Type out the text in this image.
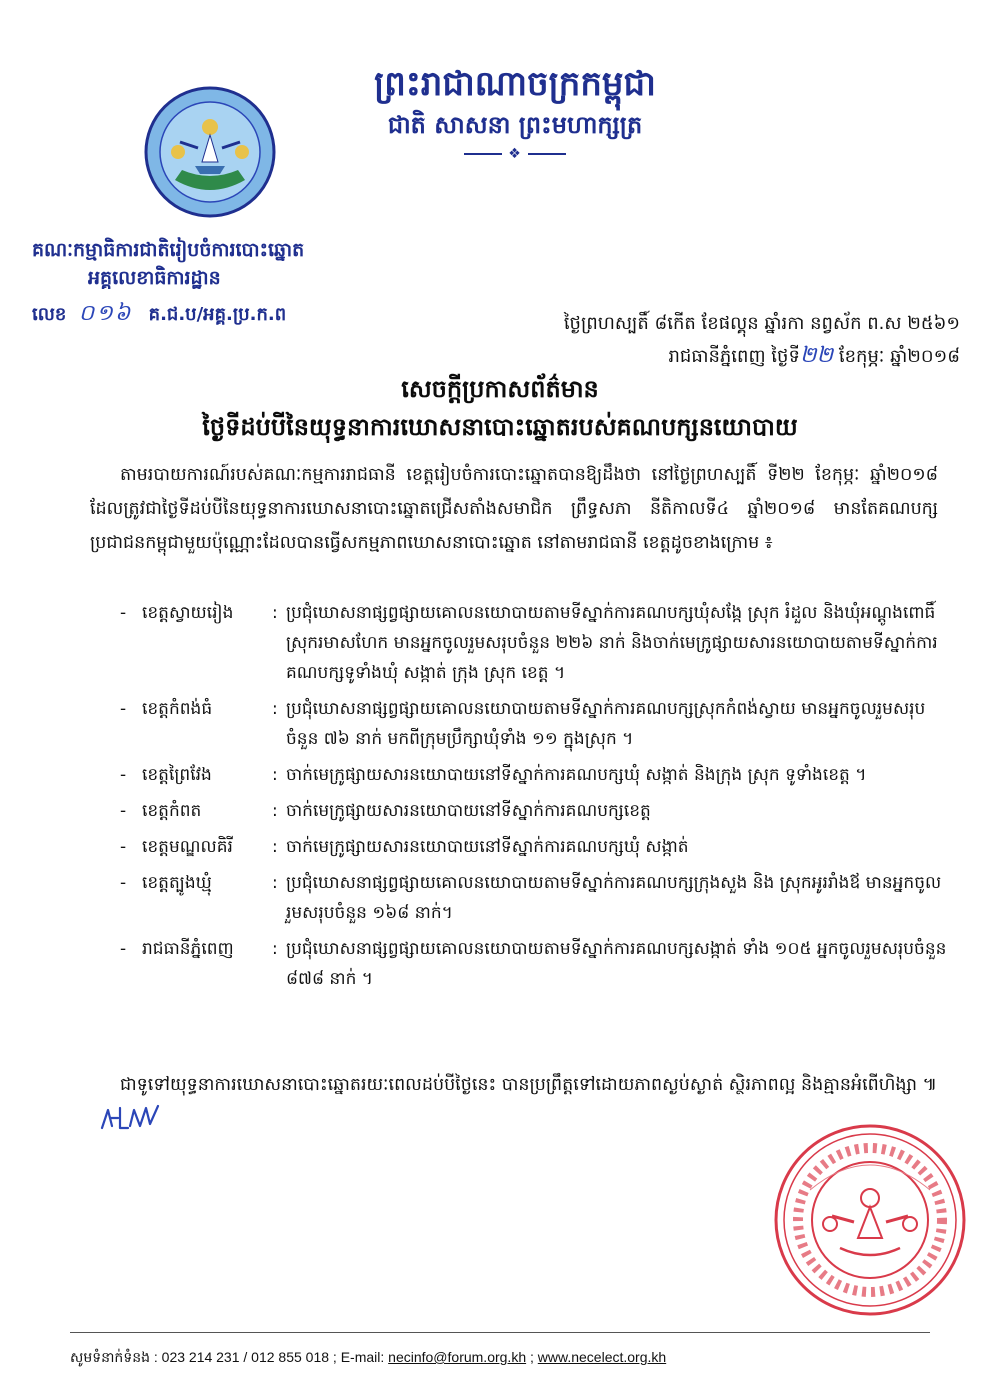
ព្រះរាជាណាចក្រកម្ពុជា
ជាតិ សាសនា ព្រះមហាក្សត្រ
❖
គណៈកម្មាធិការជាតិរៀបចំការបោះឆ្នោត
អគ្គលេខាធិការដ្ឋាន
លេខ ០១៦ គ.ជ.ប/អគ្គ.ប្រ.ក.ព	ថ្ងៃព្រហស្បតិ៍ ៨កើត ខែផល្គុន ឆ្នាំរកា នព្វស័ក ព.ស ២៥៦១
រាជធានីភ្នំពេញ ថ្ងៃទី២២ ខែកុម្ភៈ ឆ្នាំ២០១៨
សេចក្ដីប្រកាសព័ត៌មាន
ថ្ងៃទីដប់បីនៃយុទ្ធនាការឃោសនាបោះឆ្នោតរបស់គណបក្សនយោបាយ
តាមរបាយការណ៍របស់គណៈកម្មការរាជធានី ខេត្តរៀបចំការបោះឆ្នោតបានឱ្យដឹងថា នៅថ្ងៃព្រហស្បតិ៍ ទី២២ ខែកុម្ភៈ ឆ្នាំ២០១៨ ដែលត្រូវជាថ្ងៃទីដប់បីនៃយុទ្ធនាការឃោសនាបោះឆ្នោតជ្រើសតាំងសមាជិក ព្រឹទ្ធសភា នីតិកាលទី៤ ឆ្នាំ២០១៨ មានតែគណបក្សប្រជាជនកម្ពុជាមួយប៉ុណ្ណោះដែលបានធ្វើសកម្មភាពឃោសនាបោះឆ្នោត នៅតាមរាជធានី ខេត្តដូចខាងក្រោម ៖
- ខេត្តស្វាយរៀង	: ប្រជុំឃោសនាផ្សព្វផ្សាយគោលនយោបាយតាមទីស្នាក់ការគណបក្សឃុំសង្កែ ស្រុក រំដួល និងឃុំអណ្ដូងពោធិ៍ ស្រុករមាសហែក មានអ្នកចូលរួមសរុបចំនួន ២២៦ នាក់ និងចាក់មេក្រូផ្សាយសារនយោបាយតាមទីស្នាក់ការគណបក្សទូទាំងឃុំ សង្កាត់ ក្រុង ស្រុក ខេត្ត ។
- ខេត្តកំពង់ធំ	: ប្រជុំឃោសនាផ្សព្វផ្សាយគោលនយោបាយតាមទីស្នាក់ការគណបក្សស្រុកកំពង់ស្វាយ មានអ្នកចូលរួមសរុបចំនួន ៧៦ នាក់ មកពីក្រុមប្រឹក្សាឃុំទាំង ១១ ក្នុងស្រុក ។
- ខេត្តព្រៃវែង	: ចាក់មេក្រូផ្សាយសារនយោបាយនៅទីស្នាក់ការគណបក្សឃុំ សង្កាត់ និងក្រុង ស្រុក ទូទាំងខេត្ត ។
- ខេត្តកំពត	: ចាក់មេក្រូផ្សាយសារនយោបាយនៅទីស្នាក់ការគណបក្សខេត្ត
- ខេត្តមណ្ឌលគិរី	: ចាក់មេក្រូផ្សាយសារនយោបាយនៅទីស្នាក់ការគណបក្សឃុំ សង្កាត់
- ខេត្តត្បូងឃ្មុំ	: ប្រជុំឃោសនាផ្សព្វផ្សាយគោលនយោបាយតាមទីស្នាក់ការគណបក្សក្រុងសួង និង ស្រុកអូររាំងឪ មានអ្នកចូលរួមសរុបចំនួន ១៦៨ នាក់។
- រាជធានីភ្នំពេញ	: ប្រជុំឃោសនាផ្សព្វផ្សាយគោលនយោបាយតាមទីស្នាក់ការគណបក្សសង្កាត់ ទាំង ១០៥ អ្នកចូលរួមសរុបចំនួន ៨៧៨ នាក់ ។
ជាទូទៅយុទ្ធនាការឃោសនាបោះឆ្នោតរយៈពេលដប់បីថ្ងៃនេះ បានប្រព្រឹត្តទៅដោយភាពស្ងប់ស្ងាត់ ស្ថិរភាពល្អ និងគ្មានអំពើហិង្សា ៕
សូមទំនាក់ទំនង : 023 214 231 / 012 855 018 ; E-mail: necinfo@forum.org.kh ; www.necelect.org.kh
